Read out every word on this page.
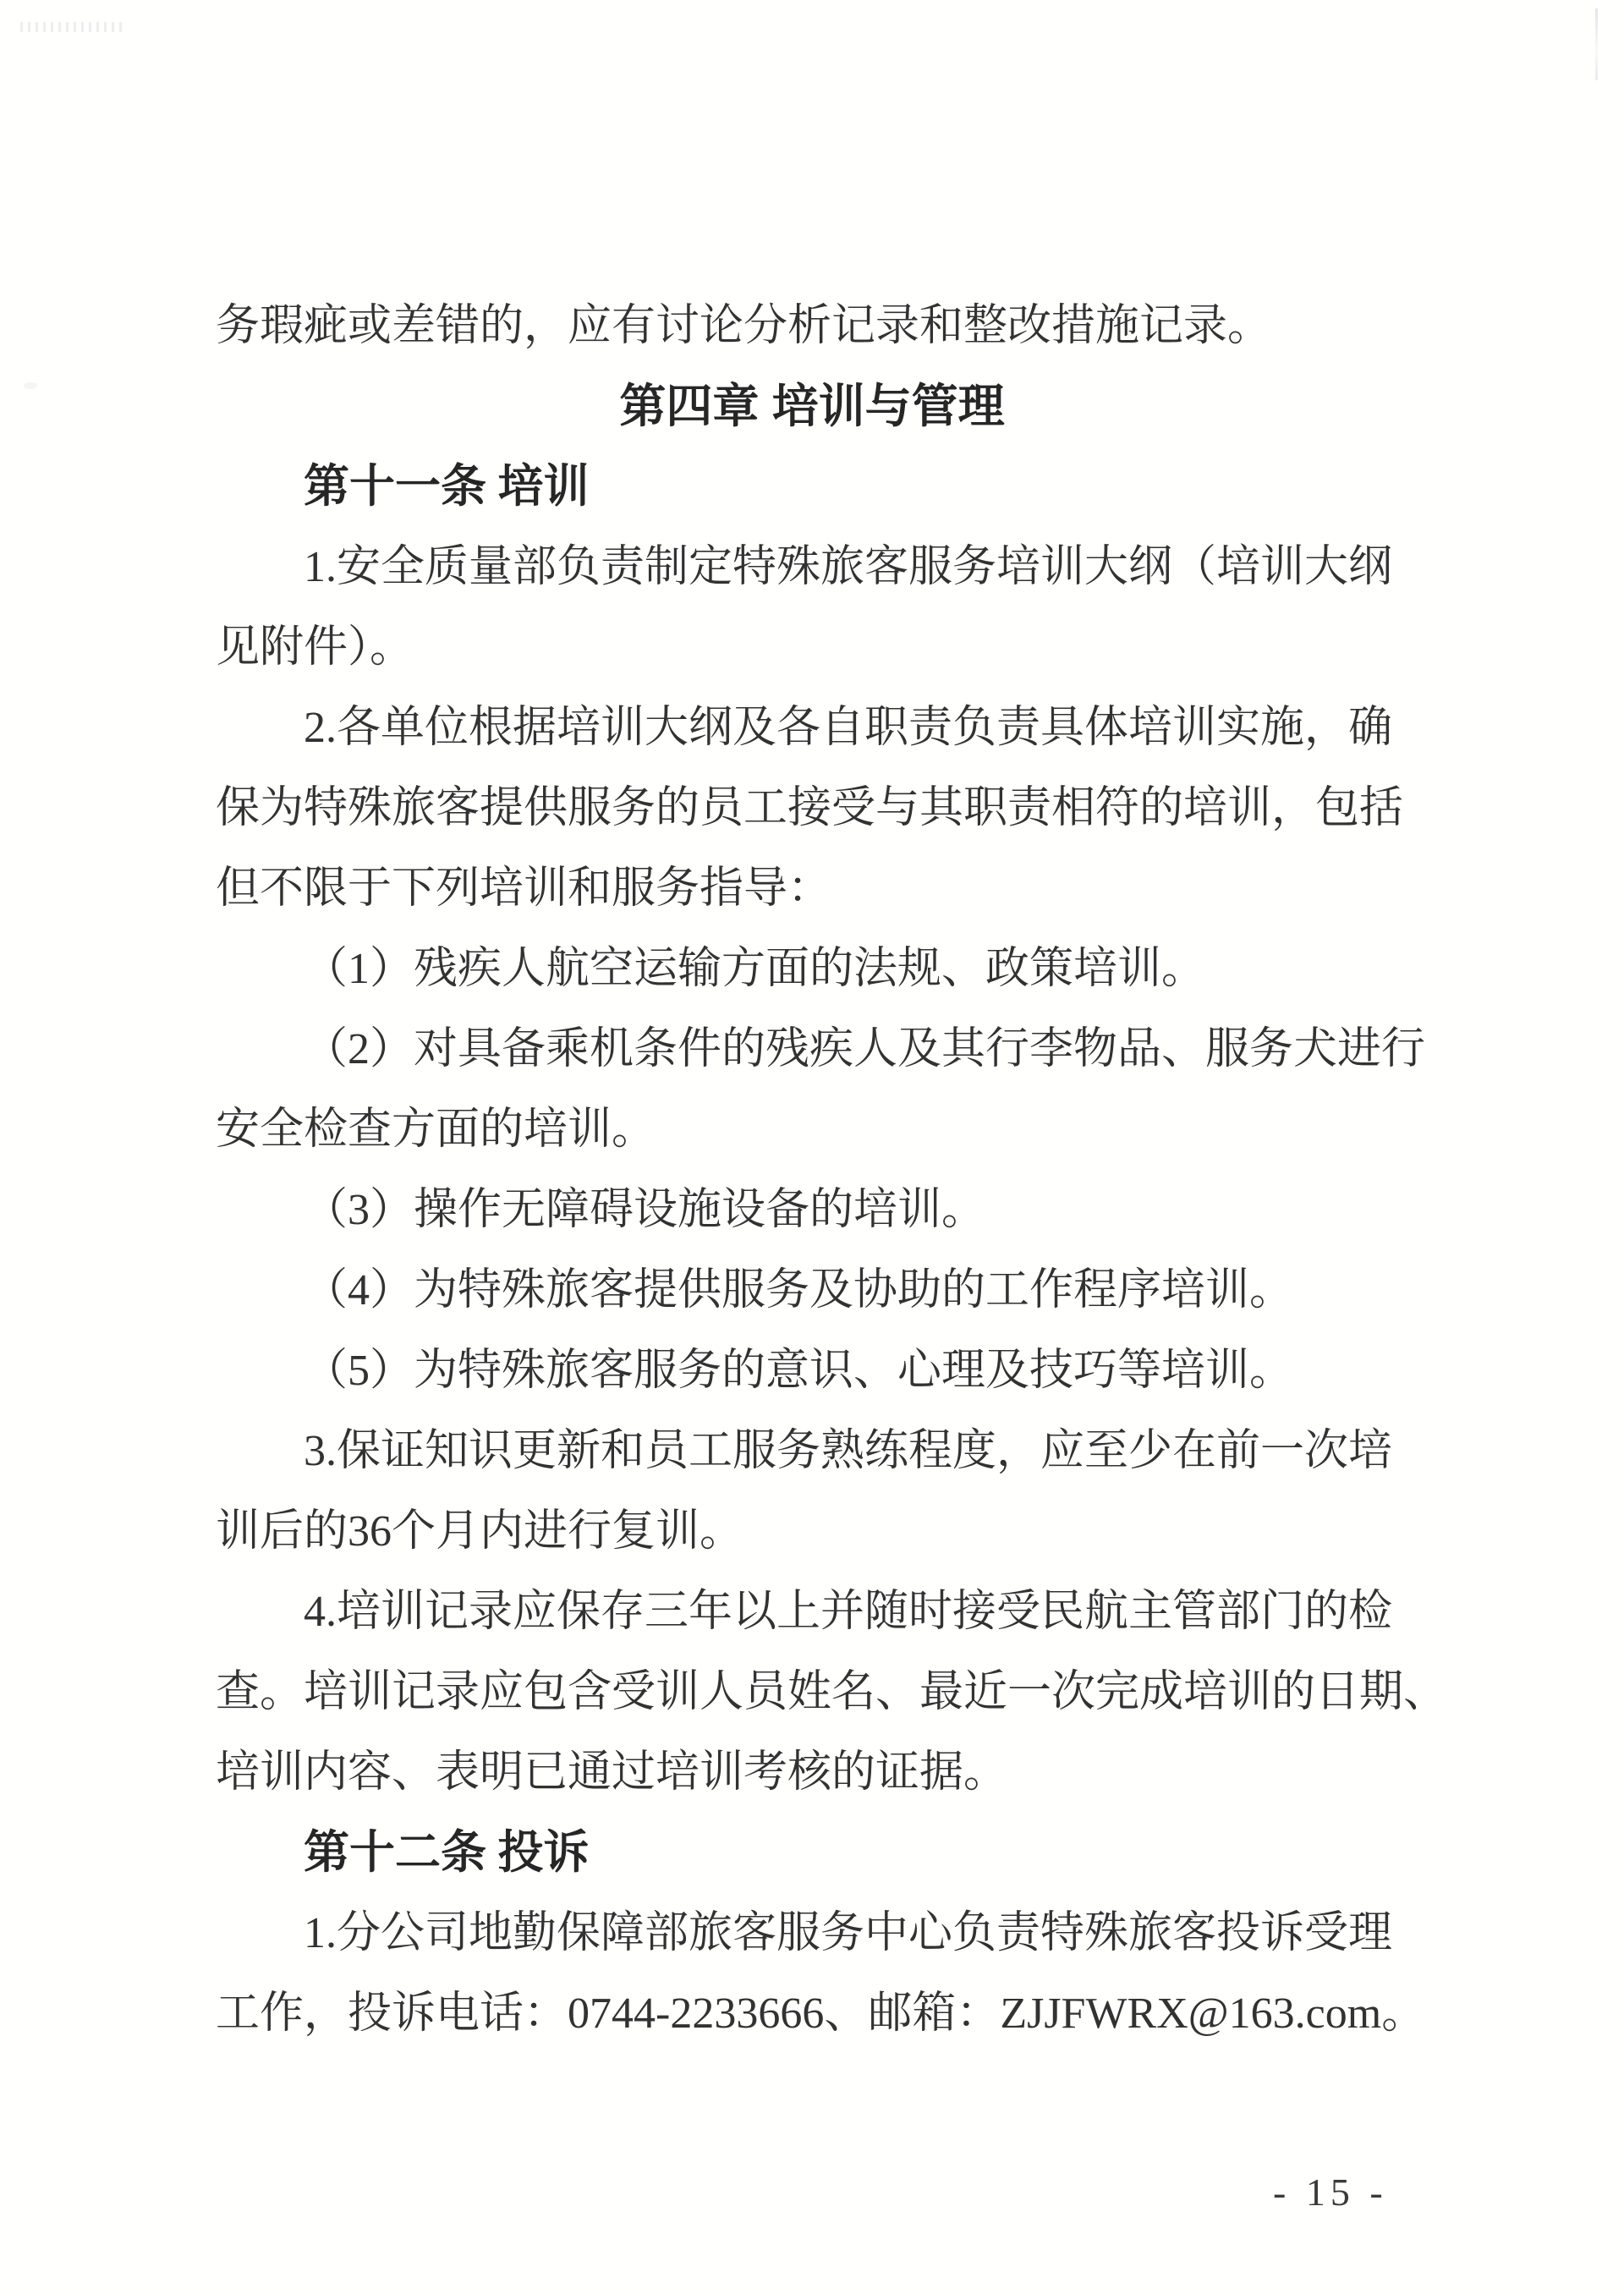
务瑕疵或差错的，应有讨论分析记录和整改措施记录。
第四章 培训与管理
第十一条 培训
1.安全质量部负责制定特殊旅客服务培训大纲（培训大纲
见附件）。
2.各单位根据培训大纲及各自职责负责具体培训实施，确
保为特殊旅客提供服务的员工接受与其职责相符的培训，包括
但不限于下列培训和服务指导：
（1）残疾人航空运输方面的法规、政策培训。
（2）对具备乘机条件的残疾人及其行李物品、服务犬进行
安全检查方面的培训。
（3）操作无障碍设施设备的培训。
（4）为特殊旅客提供服务及协助的工作程序培训。
（5）为特殊旅客服务的意识、心理及技巧等培训。
3.保证知识更新和员工服务熟练程度，应至少在前一次培
训后的36个月内进行复训。
4.培训记录应保存三年以上并随时接受民航主管部门的检
查。培训记录应包含受训人员姓名、最近一次完成培训的日期、
培训内容、表明已通过培训考核的证据。
第十二条 投诉
1.分公司地勤保障部旅客服务中心负责特殊旅客投诉受理
工作，投诉电话：0744-2233666、邮箱：ZJJFWRX@163.com。
- 15 -
